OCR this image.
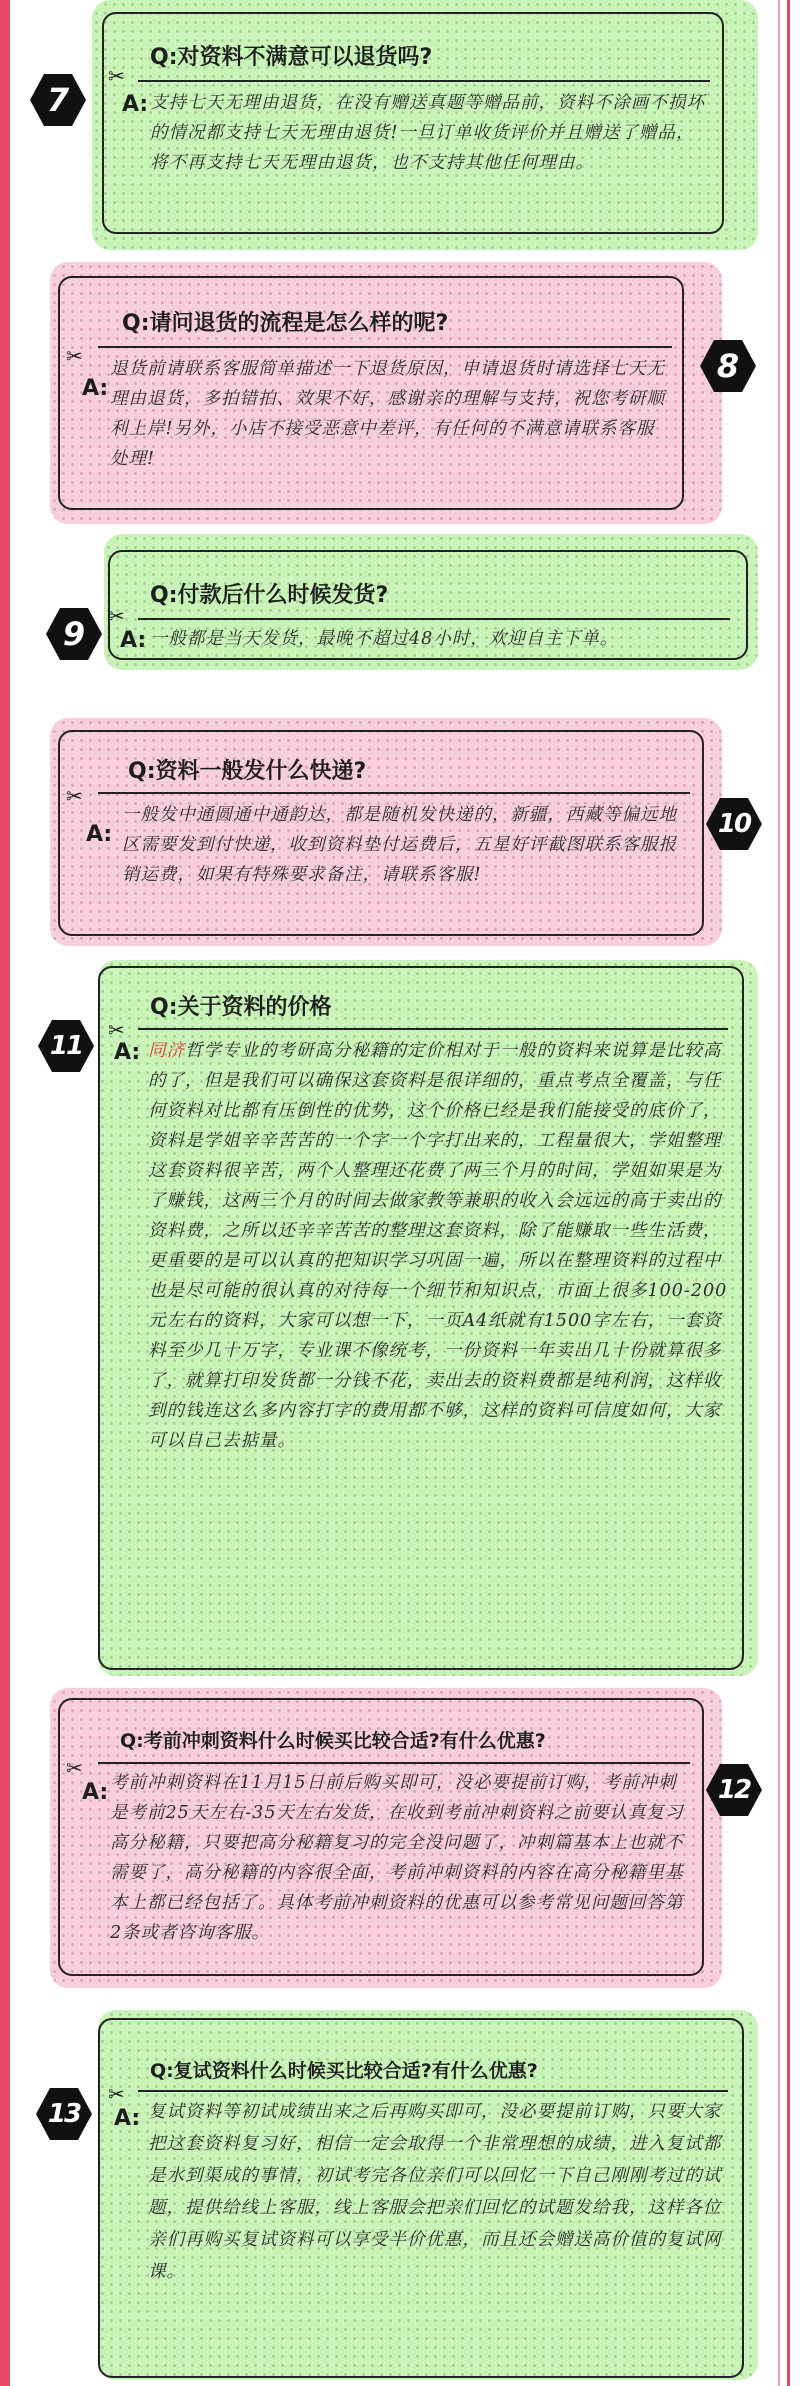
7
✂
Q:对资料不满意可以退货吗?
A: 支持七天无理由退货，在没有赠送真题等赠品前，资料不涂画不损坏的情况都支持七天无理由退货!一旦订单收货评价并且赠送了赠品，将不再支持七天无理由退货，也不支持其他任何理由。
8
✂
Q:请问退货的流程是怎么样的呢?
A:
退货前请联系客服简单描述一下退货原因，申请退货时请选择七天无理由退货，多拍错拍、效果不好，感谢亲的理解与支持，祝您考研顺利上岸!另外，小店不接受恶意中差评，有任何的不满意请联系客服处理!
9	✂
Q:付款后什么时候发货?
A: 一般都是当天发货，最晚不超过48小时，欢迎自主下单。
10
✂
Q:资料一般发什么快递?
A:
一般发中通圆通中通韵达，都是随机发快递的，新疆，西藏等偏远地区需要发到付快递，收到资料垫付运费后，五星好评截图联系客服报销运费，如果有特殊要求备注，请联系客服!
11
✂
Q:关于资料的价格
A: 同济哲学专业的考研高分秘籍的定价相对于一般的资料来说算是比较高的了，但是我们可以确保这套资料是很详细的，重点考点全覆盖，与任何资料对比都有压倒性的优势，这个价格已经是我们能接受的底价了，资料是学姐辛辛苦苦的一个字一个字打出来的，工程量很大，学姐整理这套资料很辛苦，两个人整理还花费了两三个月的时间，学姐如果是为了赚钱，这两三个月的时间去做家教等兼职的收入会远远的高于卖出的资料费，之所以还辛辛苦苦的整理这套资料，除了能赚取一些生活费，更重要的是可以认真的把知识学习巩固一遍，所以在整理资料的过程中也是尽可能的很认真的对待每一个细节和知识点，市面上很多100-200元左右的资料，大家可以想一下，一页A4纸就有1500字左右，一套资料至少几十万字，专业课不像统考，一份资料一年卖出几十份就算很多了，就算打印发货都一分钱不花，卖出去的资料费都是纯利润，这样收到的钱连这么多内容打字的费用都不够，这样的资料可信度如何，大家可以自己去掂量。
12
✂
Q:考前冲刺资料什么时候买比较合适?有什么优惠?
A: 考前冲刺资料在11月15日前后购买即可，没必要提前订购，考前冲刺是考前25天左右-35天左右发货，在收到考前冲刺资料之前要认真复习高分秘籍，只要把高分秘籍复习的完全没问题了，冲刺篇基本上也就不需要了，高分秘籍的内容很全面，考前冲刺资料的内容在高分秘籍里基本上都已经包括了。具体考前冲刺资料的优惠可以参考常见问题回答第2条或者咨询客服。
13
✂
Q:复试资料什么时候买比较合适?有什么优惠?
A: 复试资料等初试成绩出来之后再购买即可，没必要提前订购，只要大家把这套资料复习好，相信一定会取得一个非常理想的成绩，进入复试都是水到渠成的事情，初试考完各位亲们可以回忆一下自己刚刚考过的试题，提供给线上客服，线上客服会把亲们回忆的试题发给我，这样各位亲们再购买复试资料可以享受半价优惠，而且还会赠送高价值的复试网课。
